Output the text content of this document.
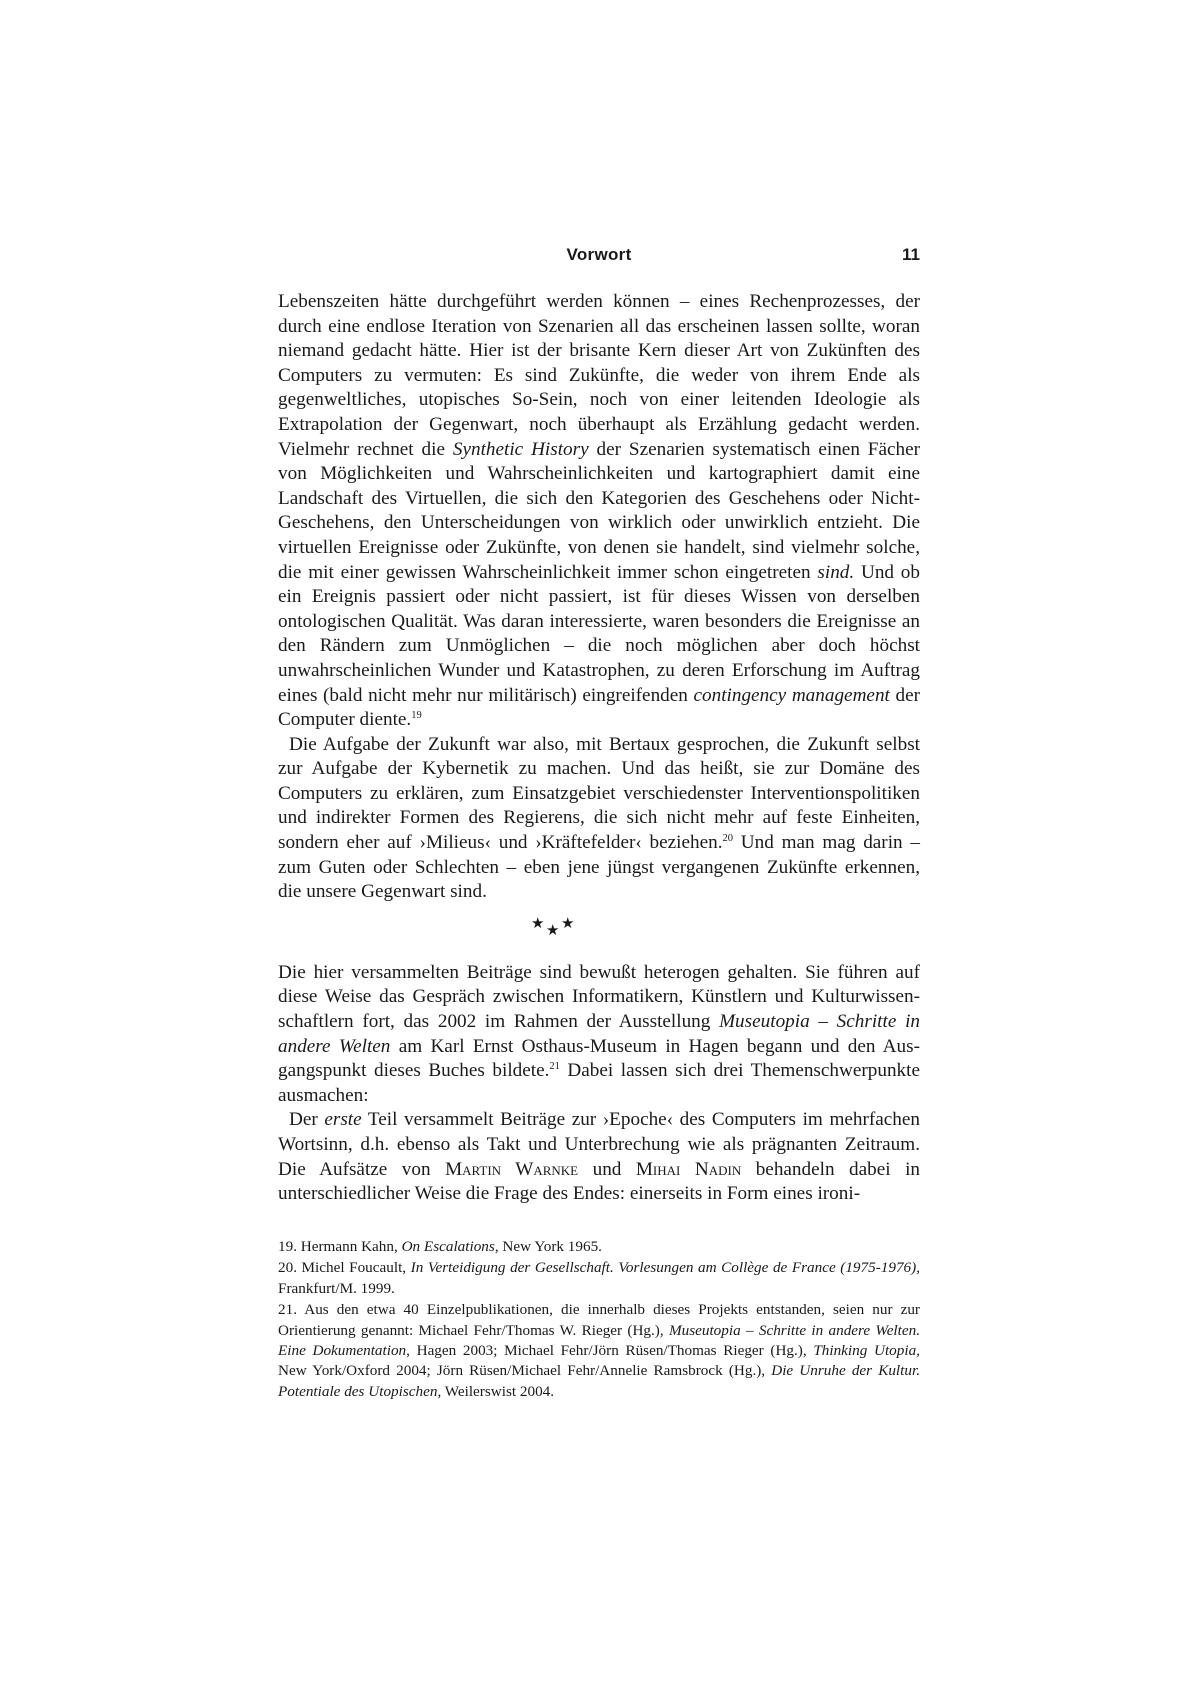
Vorwort	11

Lebenszeiten hätte durchgeführt werden können – eines Rechenprozesses, der durch eine endlose Iteration von Szenarien all das erscheinen lassen sollte, woran niemand gedacht hätte. Hier ist der brisante Kern dieser Art von Zukünften des Computers zu vermuten: Es sind Zukünfte, die weder von ihrem Ende als gegenweltliches, utopisches So-Sein, noch von einer leitenden Ideologie als Extrapolation der Gegenwart, noch überhaupt als Erzählung gedacht werden. Vielmehr rechnet die Synthetic History der Szenarien systematisch einen Fächer von Möglichkeiten und Wahrscheinlichkeiten und kartographiert damit eine Landschaft des Virtuellen, die sich den Kategorien des Geschehens oder Nicht-Geschehens, den Unterscheidungen von wirklich oder unwirklich entzieht. Die virtuellen Ereignisse oder Zukünfte, von denen sie handelt, sind vielmehr solche, die mit einer gewissen Wahrscheinlichkeit immer schon eingetreten sind. Und ob ein Ereignis passiert oder nicht passiert, ist für dieses Wissen von derselben ontologischen Qualität. Was daran interessierte, waren besonders die Ereignisse an den Rändern zum Unmöglichen – die noch möglichen aber doch höchst unwahrscheinlichen Wunder und Katastrophen, zu deren Erforschung im Auftrag eines (bald nicht mehr nur militärisch) eingreifenden contingency management der Computer diente.$^{19}$

Die Aufgabe der Zukunft war also, mit Bertaux gesprochen, die Zukunft selbst zur Aufgabe der Kybernetik zu machen. Und das heißt, sie zur Domäne des Computers zu erklären, zum Einsatzgebiet verschiedenster Interventionspolitiken und indirekter Formen des Regierens, die sich nicht mehr auf feste Einheiten, sondern eher auf ›Milieus‹ und ›Kräftefelder‹ beziehen.$^{20}$ Und man mag darin – zum Guten oder Schlechten – eben jene jüngst vergangenen Zukünfte erkennen, die unsere Gegenwart sind.

★ ★ ★

Die hier versammelten Beiträge sind bewußt heterogen gehalten. Sie führen auf diese Weise das Gespräch zwischen Informatikern, Künstlern und Kulturwissenschaftlern fort, das 2002 im Rahmen der Ausstellung Museutopia – Schritte in andere Welten am Karl Ernst Osthaus-Museum in Hagen begann und den Ausgangspunkt dieses Buches bildete.$^{21}$ Dabei lassen sich drei Themenschwerpunkte ausmachen:

Der erste Teil versammelt Beiträge zur ›Epoche‹ des Computers im mehrfachen Wortsinn, d.h. ebenso als Takt und Unterbrechung wie als prägnanten Zeitraum. Die Aufsätze von Martin Warnke und Mihai Nadin behandeln dabei in unterschiedlicher Weise die Frage des Endes: einerseits in Form eines ironi-

19. Hermann Kahn, On Escalations, New York 1965.

20. Michel Foucault, In Verteidigung der Gesellschaft. Vorlesungen am Collège de France (1975-1976), Frankfurt/M. 1999.

21. Aus den etwa 40 Einzelpublikationen, die innerhalb dieses Projekts entstanden, seien nur zur Orientierung genannt: Michael Fehr/Thomas W. Rieger (Hg.), Museutopia – Schritte in andere Welten. Eine Dokumentation, Hagen 2003; Michael Fehr/Jörn Rüsen/Thomas Rieger (Hg.), Thinking Utopia, New York/Oxford 2004; Jörn Rüsen/Michael Fehr/Annelie Ramsbrock (Hg.), Die Unruhe der Kultur. Potentiale des Utopischen, Weilerswist 2004.
